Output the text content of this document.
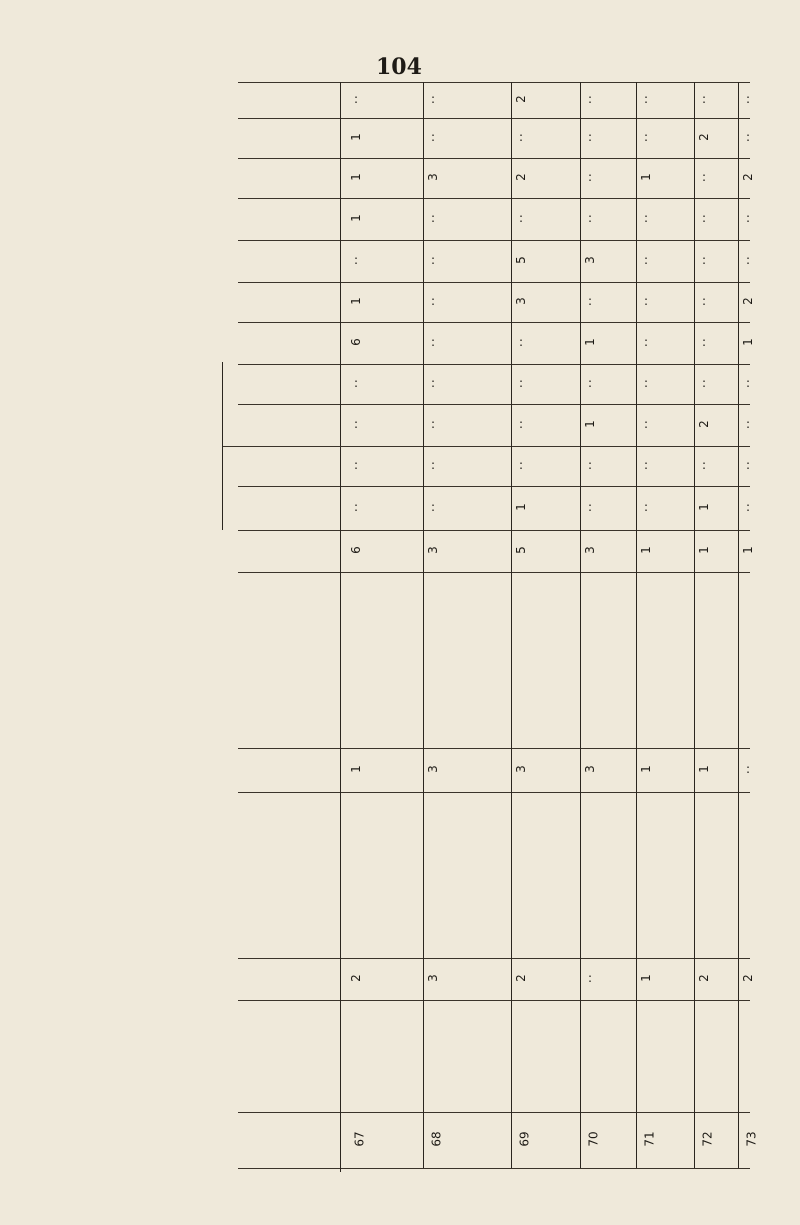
104
:
1
1
1
:
1
6
:
:
:
:
6
1
2
67
:
:
3
:
:
:
:
:
:
:
:
3
3
3
68
2
:
2
:
5
3
:
:
:
:
1
5
3
2
69
:
:
:
:
3
:
1
:
1
:
:
3
3
:
70
:
:
1
:
:
:
:
:
:
:
:
1
1
1
71
:
2
:
:
:
:
:
:
2
:
1
1
1
2
72
:
:
2
:
:
2
1
:
:
:
:
1
:
2
73
